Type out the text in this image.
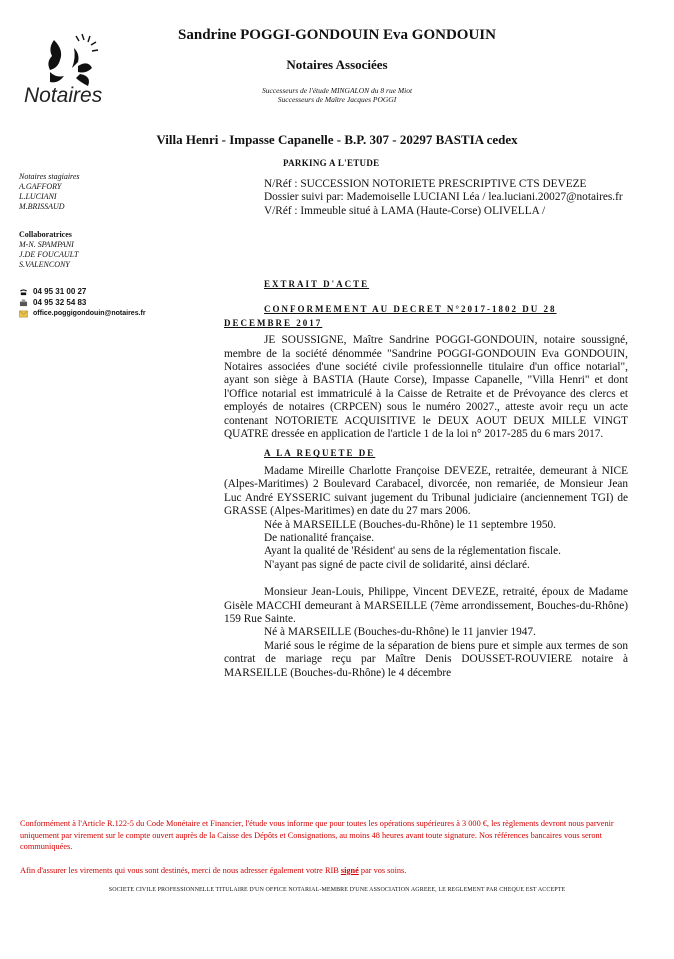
Notaires
Sandrine POGGI-GONDOUIN Eva GONDOUIN
Notaires Associées
Successeurs de l'étude MINGALON du 8 rue Miot
Successeurs de Maître Jacques POGGI
Villa Henri - Impasse Capanelle - B.P. 307 - 20297 BASTIA cedex
PARKING A L'ETUDE
Notaires stagiaires
A.GAFFORY
L.LUCIANI
M.BRISSAUD
Collaboratrices
M-N. SPAMPANI
J.DE FOUCAULT
S.VALENCONY
04 95 31 00 27
04 95 32 54 83
office.poggigondouin@notaires.fr

N/Réf : SUCCESSION NOTORIETE PRESCRIPTIVE CTS DEVEZE

Dossier suivi par: Mademoiselle LUCIANI Léa / lea.luciani.20027@notaires.fr

V/Réf : Immeuble situé à LAMA (Haute-Corse) OLIVELLA /

EXTRAIT D'ACTE

CONFORMEMENT AU DECRET N°2017-1802 DU 28 DECEMBRE 2017

JE SOUSSIGNE, Maître Sandrine POGGI-GONDOUIN, notaire soussigné, membre de la société dénommée "Sandrine POGGI-GONDOUIN Eva GONDOUIN, Notaires associées d'une société civile professionnelle titulaire d'un office notarial", ayant son siège à BASTIA (Haute Corse), Impasse Capanelle, "Villa Henri" et dont l'Office notarial est immatriculé à la Caisse de Retraite et de Prévoyance des clercs et employés de notaires (CRPCEN) sous le numéro 20027., atteste avoir reçu un acte contenant NOTORIETE ACQUISITIVE le DEUX AOUT DEUX MILLE VINGT QUATRE dressée en application de l'article 1 de la loi n° 2017-285 du 6 mars 2017.

A LA REQUETE DE

Madame Mireille Charlotte Françoise DEVEZE, retraitée, demeurant à NICE (Alpes-Maritimes) 2 Boulevard Carabacel, divorcée, non remariée, de Monsieur Jean Luc André EYSSERIC suivant jugement du Tribunal judiciaire (anciennement TGI) de GRASSE (Alpes-Maritimes) en date du 27 mars 2006.

Née à MARSEILLE (Bouches-du-Rhône) le 11 septembre 1950.

De nationalité française.

Ayant la qualité de 'Résident' au sens de la réglementation fiscale.

N'ayant pas signé de pacte civil de solidarité, ainsi déclaré.

Monsieur Jean-Louis, Philippe, Vincent DEVEZE, retraité, époux de Madame Gisèle MACCHI demeurant à MARSEILLE (7ème arrondissement, Bouches-du-Rhône) 159 Rue Sainte.

Né à MARSEILLE (Bouches-du-Rhône) le 11 janvier 1947.

Marié sous le régime de la séparation de biens pure et simple aux termes de son contrat de mariage reçu par Maître Denis DOUSSET-ROUVIERE notaire à MARSEILLE (Bouches-du-Rhône) le 4 décembre

Conformément à l'Article R.122-5 du Code Monétaire et Financier, l'étude vous informe que pour toutes les opérations supérieures à 3 000 €, les règlements devront nous parvenir uniquement par virement sur le compte ouvert auprès de la Caisse des Dépôts et Consignations, au moins 48 heures avant toute signature. Nos références bancaires vous seront communiquées.
Afin d'assurer les virements qui vous sont destinés, merci de nous adresser également votre RIB signé par vos soins.
SOCIETE CIVILE PROFESSIONNELLE TITULAIRE D'UN OFFICE NOTARIAL-MEMBRE D'UNE ASSOCIATION AGREEE, LE REGLEMENT PAR CHEQUE EST ACCEPTE
